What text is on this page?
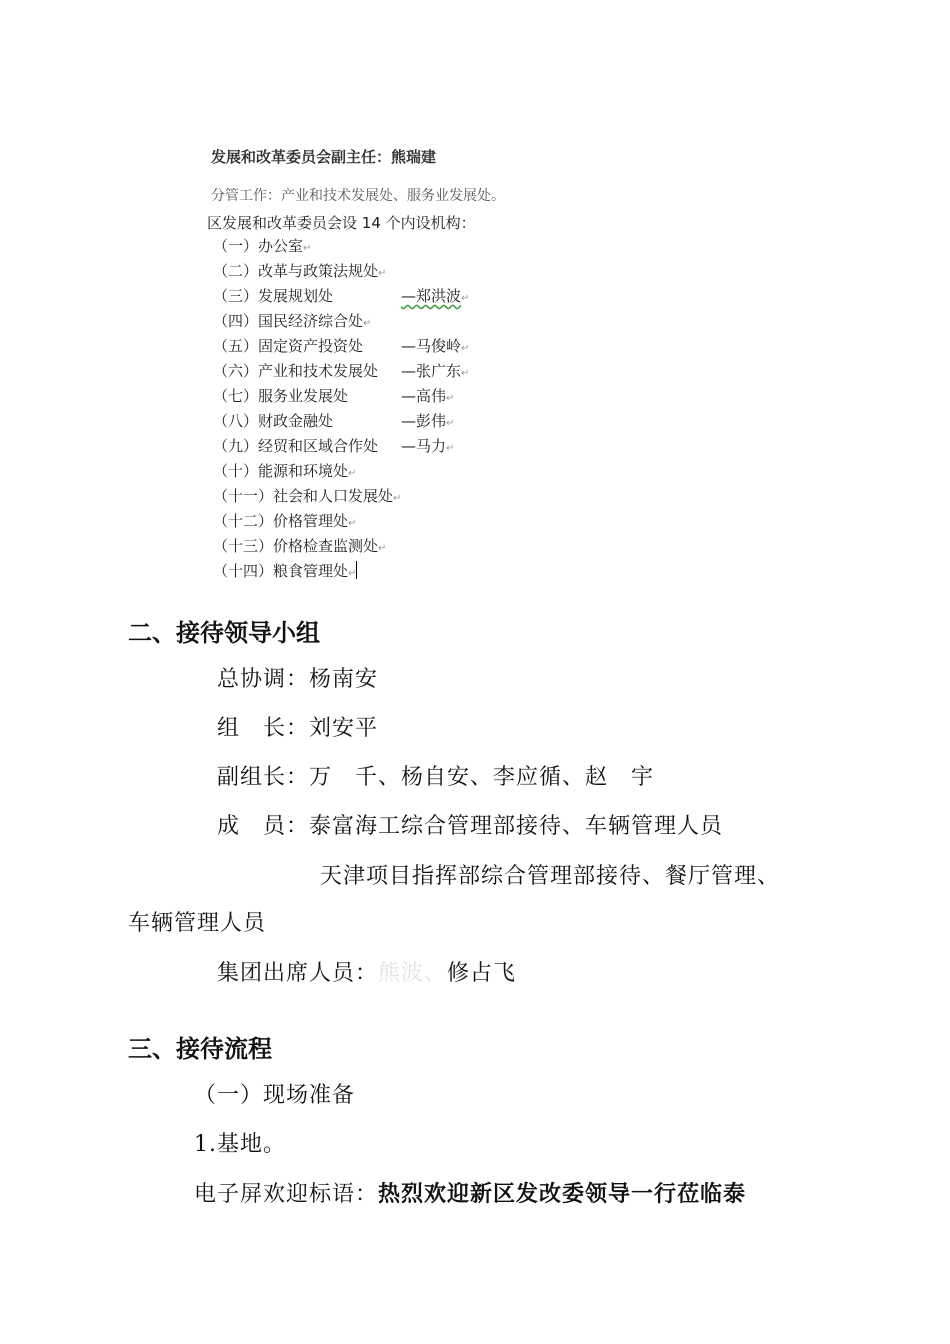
发展和改革委员会副主任：熊瑞建
分管工作：产业和技术发展处、服务业发展处。
区发展和改革委员会设 14 个内设机构：
（一）办公室↵
（二）改革与政策法规处↵
（三）发展规划处	—郑洪波↵
（四）国民经济综合处↵
（五）固定资产投资处	—马俊岭↵
（六）产业和技术发展处 —张广东↵
（七）服务业发展处	—高伟↵
（八）财政金融处	—彭伟↵
（九）经贸和区域合作处 —马力↵
（十）能源和环境处↵
（十一）社会和人口发展处↵
（十二）价格管理处↵
（十三）价格检查监测处↵
（十四）粮食管理处↵
二、接待领导小组
总协调：杨南安
组　长：刘安平
副组长：万　千、杨自安、李应循、赵　宇
成　员：泰富海工综合管理部接待、车辆管理人员
天津项目指挥部综合管理部接待、餐厅管理、
车辆管理人员
集团出席人员：熊波、修占飞
三、接待流程
（一）现场准备
1.基地。
电子屏欢迎标语：热烈欢迎新区发改委领导一行莅临泰
